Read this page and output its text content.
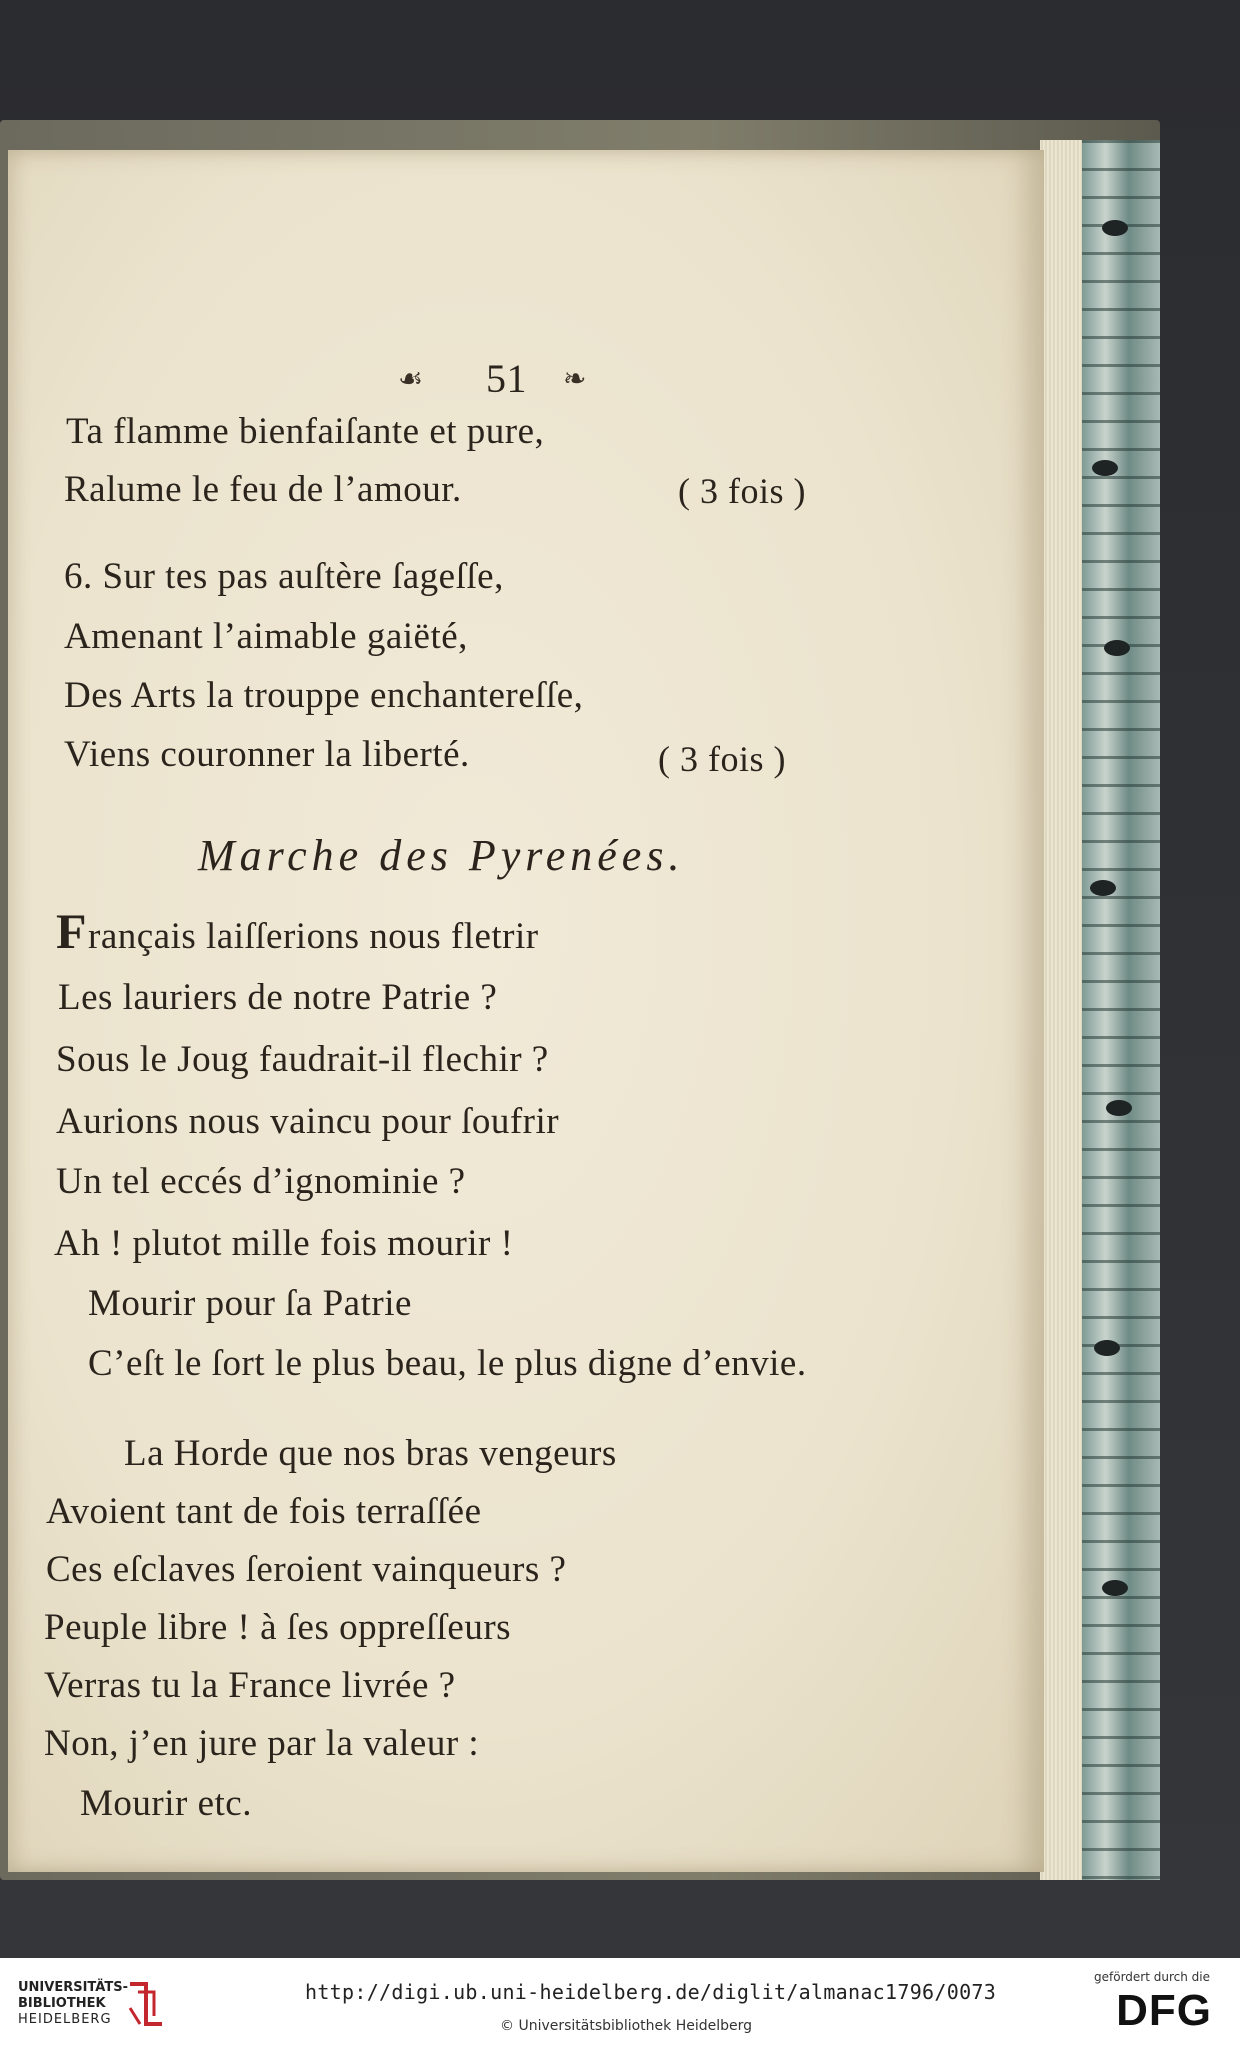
☙ 51 ❧
Ta flamme bienfaiſante et pure,
Ralume le feu de l’amour.	( 3 fois )
6. Sur tes pas auſtère ſageſſe,
Amenant l’aimable gaiëté,
Des Arts la trouppe enchantereſſe,
Viens couronner la liberté.	( 3 fois )
Marche des Pyrenées.
F rançais laiſſerions nous fletrir
Les lauriers de notre Patrie ?
Sous le Joug faudrait‑il flechir ?
Aurions nous vaincu pour ſoufrir
Un tel eccés d’ignominie ?
Ah ! plutot mille fois mourir !
Mourir pour ſa Patrie
C’eſt le ſort le plus beau, le plus digne d’envie.
La Horde que nos bras vengeurs
Avoient tant de fois terraſſée
Ces eſclaves ſeroient vainqueurs ?
Peuple libre ! à ſes oppreſſeurs
Verras tu la France livrée ?
Non, j’en jure par la valeur :
Mourir etc.
UNIVERSITÄTS-
BIBLIOTHEK
HEIDELBERG
http://digi.ub.uni-heidelberg.de/diglit/almanac1796/0073
© Universitätsbibliothek Heidelberg
gefördert durch die
DFG
